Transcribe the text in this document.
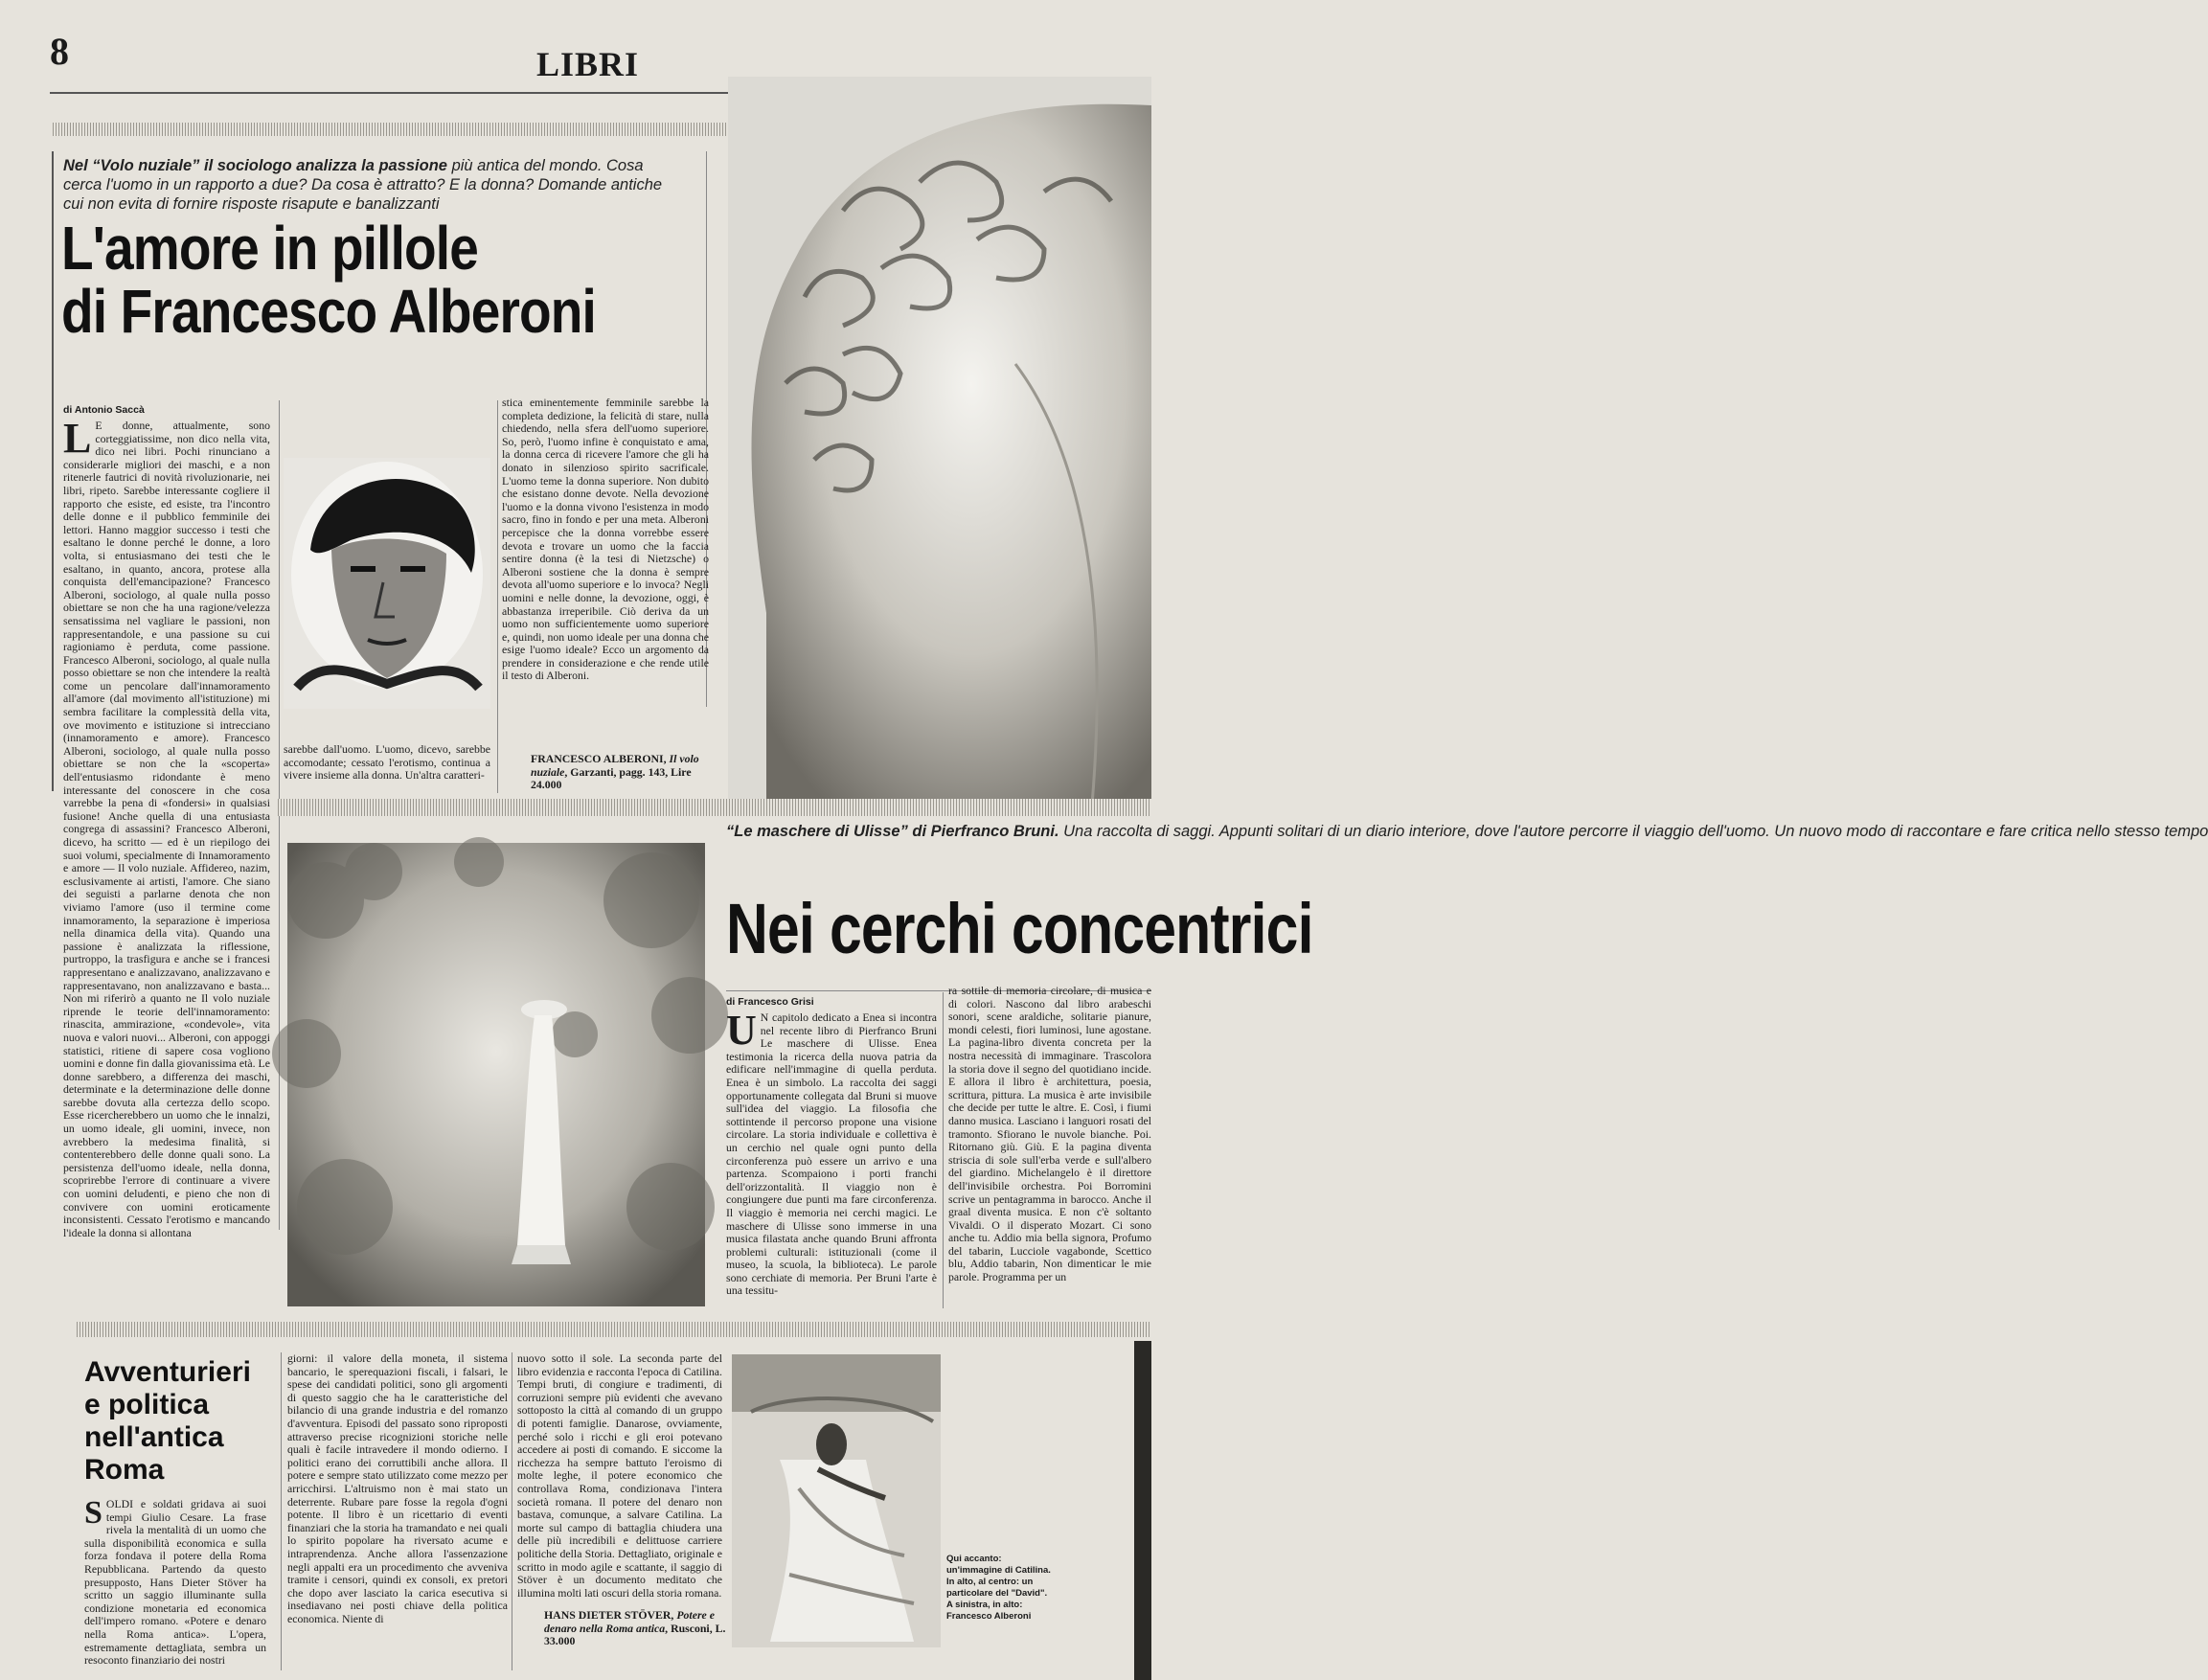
8	LIBRI
Nel “Volo nuziale” il sociologo analizza la passione più antica del mondo. Cosa cerca l'uomo in un rapporto a due? Da cosa è attratto? E la donna? Domande antiche cui non evita di fornire risposte risapute e banalizzanti
L'amore in pillole
di Francesco Alberoni
di Antonio Saccà

L E donne, attualmente, sono corteggiatissime, non dico nella vita, dico nei libri. Pochi rinunciano a considerarle migliori dei maschi, e a non ritenerle fautrici di novità rivoluzionarie, nei libri, ripeto. Sarebbe interessante cogliere il rapporto che esiste, ed esiste, tra l'incontro delle donne e il pubblico femminile dei lettori. Hanno maggior successo i testi che esaltano le donne perché le donne, a loro volta, si entusiasmano dei testi che le esaltano, in quanto, ancora, protese alla conquista dell'emancipazione? Francesco Alberoni, sociologo, al quale nulla posso obiettare se non che ha una ragione/velezza sensatissima nel vagliare le passioni, non rappresentandole, e una passione su cui ragioniamo è perduta, come passione. Francesco Alberoni, sociologo, al quale nulla posso obiettare se non che intendere la realtà come un pencolare dall'innamoramento all'amore (dal movimento all'istituzione) mi sembra facilitare la complessità della vita, ove movimento e istituzione si intrecciano (innamoramento e amore). Francesco Alberoni, sociologo, al quale nulla posso obiettare se non che la «scoperta» dell'entusiasmo ridondante è meno interessante del conoscere in che cosa varrebbe la pena di «fondersi» in qualsiasi fusione! Anche quella di una entusiasta congrega di assassini? Francesco Alberoni, dicevo, ha scritto — ed è un riepilogo dei suoi volumi, specialmente di Innamoramento e amore — Il volo nuziale. Affidereo, nazim, esclusivamente ai artisti, l'amore. Che siano dei seguisti a parlarne denota che non viviamo l'amore (uso il termine come innamoramento, la separazione è imperiosa nella dinamica della vita). Quando una passione è analizzata la riflessione, purtroppo, la trasfigura e anche se i francesi rappresentano e analizzavano, analizzavano e rappresentavano, non analizzavano e basta... Non mi riferirò a quanto ne Il volo nuziale riprende le teorie dell'innamoramento: rinascita, ammirazione, «condevole», vita nuova e valori nuovi... Alberoni, con appoggi statistici, ritiene di sapere cosa vogliono uomini e donne fin dalla giovanissima età. Le donne sarebbero, a differenza dei maschi, determinate e la determinazione delle donne sarebbe dovuta alla certezza dello scopo. Esse ricercherebbero un uomo che le innalzi, un uomo ideale, gli uomini, invece, non avrebbero la medesima finalità, si contenterebbero delle donne quali sono. La persistenza dell'uomo ideale, nella donna, scoprirebbe l'errore di continuare a vivere con uomini deludenti, e pieno che non di convivere con uomini eroticamente inconsistenti. Cessato l'erotismo e mancando l'ideale la donna si allontana

sarebbe dall'uomo. L'uomo, dicevo, sarebbe accomodante; cessato l'erotismo, continua a vivere insieme alla donna. Un'altra caratteri-

stica eminentemente femminile sarebbe la completa dedizione, la felicità di stare, nulla chiedendo, nella sfera dell'uomo superiore. So, però, l'uomo infine è conquistato e ama, la donna cerca di ricevere l'amore che gli ha donato in silenzioso spirito sacrificale. L'uomo teme la donna superiore. Non dubito che esistano donne devote. Nella devozione l'uomo e la donna vivono l'esistenza in modo sacro, fino in fondo e per una meta. Alberoni percepisce che la donna vorrebbe essere devota e trovare un uomo che la faccia sentire donna (è la tesi di Nietzsche) o Alberoni sostiene che la donna è sempre devota all'uomo superiore e lo invoca? Negli uomini e nelle donne, la devozione, oggi, è abbastanza irreperibile. Ciò deriva da un uomo non sufficientemente uomo superiore e, quindi, non uomo ideale per una donna che esige l'uomo ideale? Ecco un argomento da prendere in considerazione e che rende utile il testo di Alberoni.

FRANCESCO ALBERONI, Il volo nuziale, Garzanti, pagg. 143, Lire 24.000
“Le maschere di Ulisse” di Pierfranco Bruni. Una raccolta di saggi. Appunti solitari di un diario interiore, dove l'autore percorre il viaggio dell'uomo. Un nuovo modo di raccontare e fare critica nello stesso tempo
Nei cerchi concentrici
di Francesco Grisi

U N capitolo dedicato a Enea si incontra nel recente libro di Pierfranco Bruni Le maschere di Ulisse. Enea testimonia la ricerca della nuova patria da edificare nell'immagine di quella perduta. Enea è un simbolo. La raccolta dei saggi opportunamente collegata dal Bruni si muove sull'idea del viaggio. La filosofia che sottintende il percorso propone una visione circolare. La storia individuale e collettiva è un cerchio nel quale ogni punto della circonferenza può essere un arrivo e una partenza. Scompaiono i porti franchi dell'orizzontalità. Il viaggio non è congiungere due punti ma fare circonferenza. Il viaggio è memoria nei cerchi magici. Le maschere di Ulisse sono immerse in una musica filastata anche quando Bruni affronta problemi culturali: istituzionali (come il museo, la scuola, la biblioteca). Le parole sono cerchiate di memoria. Per Bruni l'arte è una tessitu-

ra sottile di memoria circolare, di musica e di colori. Nascono dal libro arabeschi sonori, scene araldiche, solitarie pianure, mondi celesti, fiori luminosi, lune agostane. La pagina-libro diventa concreta per la nostra necessità di immaginare. Trascolora la storia dove il segno del quotidiano incide. E allora il libro è architettura, poesia, scrittura, pittura. La musica è arte invisibile che decide per tutte le altre. E. Così, i fiumi danno musica. Lasciano i languori rosati del tramonto. Sfiorano le nuvole bianche. Poi. Ritornano giù. Giù. E la pagina diventa striscia di sole sull'erba verde e sull'albero del giardino. Michelangelo è il direttore dell'invisibile orchestra. Poi Borromini scrive un pentagramma in barocco. Anche il graal diventa musica. E non c'è soltanto Vivaldi. O il disperato Mozart. Ci sono anche tu. Addio mia bella signora, Profumo del tabarin, Lucciole vagabonde, Scettico blu, Addio tabarin, Non dimenticar le mie parole. Programma per un

Avventurieri e politica nell'antica Roma

SOLDI e soldati gridava ai suoi tempi Giulio Cesare. La frase rivela la mentalità di un uomo che sulla disponibilità economica e sulla forza fondava il potere della Roma Repubblicana. Partendo da questo presupposto, Hans Dieter Stöver ha scritto un saggio illuminante sulla condizione monetaria ed economica dell'impero romano. «Potere e denaro nella Roma antica». L'opera, estremamente dettagliata, sembra un resoconto finanziario dei nostri

giorni: il valore della moneta, il sistema bancario, le sperequazioni fiscali, i falsari, le spese dei candidati politici, sono gli argomenti di questo saggio che ha le caratteristiche del bilancio di una grande industria e del romanzo d'avventura. Episodi del passato sono riproposti attraverso precise ricognizioni storiche nelle quali è facile intravedere il mondo odierno. I politici erano dei corruttibili anche allora. Il potere e sempre stato utilizzato come mezzo per arricchirsi. L'altruismo non è mai stato un deterrente. Rubare pare fosse la regola d'ogni potente. Il libro è un ricettario di eventi finanziari che la storia ha tramandato e nei quali lo spirito popolare ha riversato acume e intraprendenza. Anche allora l'assenzazione negli appalti era un procedimento che avveniva tramite i censori, quindi ex consoli, ex pretori che dopo aver lasciato la carica esecutiva si insediavano nei posti chiave della politica economica. Niente di

nuovo sotto il sole. La seconda parte del libro evidenzia e racconta l'epoca di Catilina. Tempi bruti, di congiure e tradimenti, di corruzioni sempre più evidenti che avevano sottoposto la città al comando di un gruppo di potenti famiglie. Danarose, ovviamente, perché solo i ricchi e gli eroi potevano accedere ai posti di comando. E siccome la ricchezza ha sempre battuto l'eroismo di molte leghe, il potere economico che controllava Roma, condizionava l'intera società romana. Il potere del denaro non bastava, comunque, a salvare Catilina. La morte sul campo di battaglia chiudera una delle più incredibili e delittuose carriere politiche della Storia. Dettagliato, originale e scritto in modo agile e scattante, il saggio di Stöver è un documento meditato che illumina molti lati oscuri della storia romana.

HANS DIETER STÖVER, Potere e denaro nella Roma antica, Rusconi, L. 33.000
Qui accanto: un'immagine di Catilina. In alto, al centro: un particolare del "David". A sinistra, in alto: Francesco Alberoni
